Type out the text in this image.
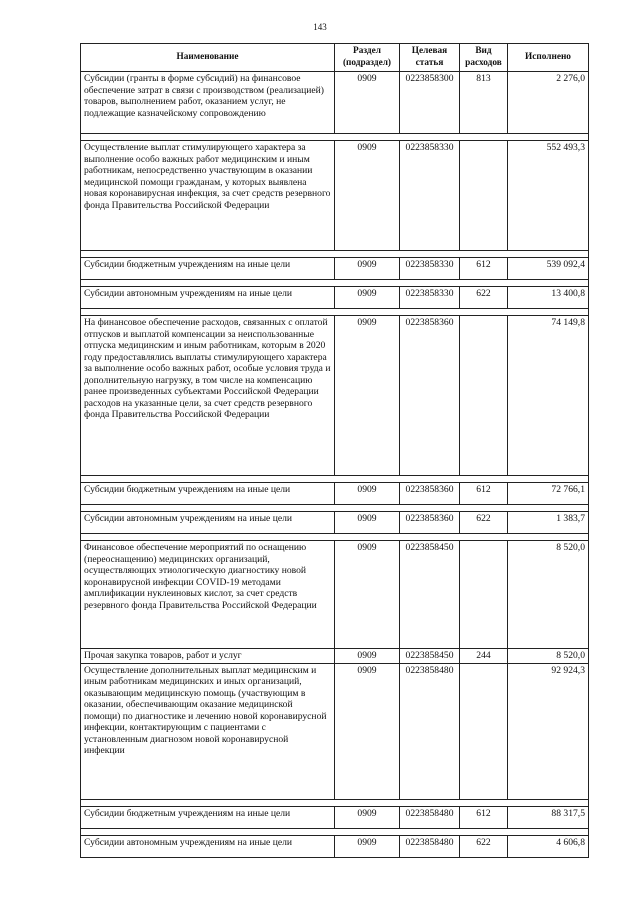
143
Наименование	Раздел (подраздел)	Целевая статья	Вид расходов	Исполнено
Субсидии (гранты в форме субсидий) на финансовое обеспечение затрат в связи с производством (реализацией) товаров, выполнением работ, оказанием услуг, не подлежащие казначейскому сопровождению	0909	0223858300	813	2 276,0

Осуществление выплат стимулирующего характера за выполнение особо важных работ медицинским и иным работникам, непосредственно участвующим в оказании медицинской помощи гражданам, у которых выявлена новая коронавирусная инфекция, за счет средств резервного фонда Правительства Российской Федерации	0909	0223858330		552 493,3

Субсидии бюджетным учреждениям на иные цели	0909	0223858330	612	539 092,4

Субсидии автономным учреждениям на иные цели	0909	0223858330	622	13 400,8

На финансовое обеспечение расходов, связанных с оплатой отпусков и выплатой компенсации за неиспользованные отпуска медицинским и иным работникам, которым в 2020 году предоставлялись выплаты стимулирующего характера за выполнение особо важных работ, особые условия труда и дополнительную нагрузку, в том числе на компенсацию ранее произведенных субъектами Российской Федерации расходов на указанные цели, за счет средств резервного фонда Правительства Российской Федерации	0909	0223858360		74 149,8

Субсидии бюджетным учреждениям на иные цели	0909	0223858360	612	72 766,1

Субсидии автономным учреждениям на иные цели	0909	0223858360	622	1 383,7

Финансовое обеспечение мероприятий по оснащению (переоснащению) медицинских организаций, осуществляющих этиологическую диагностику новой коронавирусной инфекции COVID-19 методами амплификации нуклеиновых кислот, за счет средств резервного фонда Правительства Российской Федерации	0909	0223858450		8 520,0
Прочая закупка товаров, работ и услуг	0909	0223858450	244	8 520,0
Осуществление дополнительных выплат медицинским и иным работникам медицинских и иных организаций, оказывающим медицинскую помощь (участвующим в оказании, обеспечивающим оказание медицинской помощи) по диагностике и лечению новой коронавирусной инфекции, контактирующим с пациентами с установленным диагнозом новой коронавирусной инфекции	0909	0223858480		92 924,3

Субсидии бюджетным учреждениям на иные цели	0909	0223858480	612	88 317,5

Субсидии автономным учреждениям на иные цели	0909	0223858480	622	4 606,8
